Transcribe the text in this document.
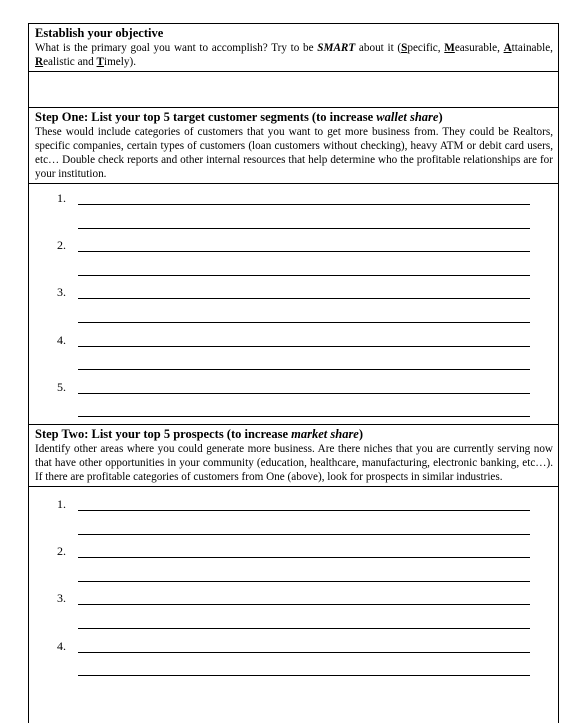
Establish your objective
What is the primary goal you want to accomplish? Try to be SMART about it (Specific, Measurable, Attainable, Realistic and Timely).
Step One: List your top 5 target customer segments (to increase wallet share)
These would include categories of customers that you want to get more business from. They could be Realtors, specific companies, certain types of customers (loan customers without checking), heavy ATM or debit card users, etc… Double check reports and other internal resources that help determine who the profitable relationships are for your institution.
1.
2.
3.
4.
5.
Step Two: List your top 5 prospects (to increase market share)
Identify other areas where you could generate more business. Are there niches that you are currently serving now that have other opportunities in your community (education, healthcare, manufacturing, electronic banking, etc…). If there are profitable categories of customers from One (above), look for prospects in similar industries.
1.
2.
3.
4.
